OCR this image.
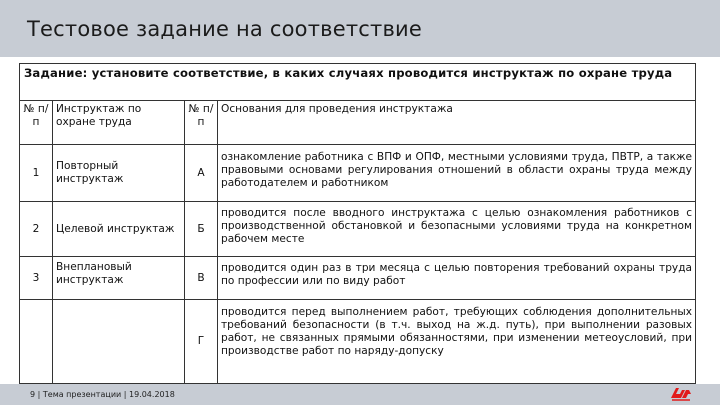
Тестовое задание на соответствие
Задание: установите соответствие, в каких случаях проводится инструктаж по охране труда			
№ п/п	Инструктаж по охране труда	№ п/п	Основания для проведения инструктажа
1	Повторный инструктаж	А	ознакомление работника с ВПФ и ОПФ, местными условиями труда, ПВТР, а также правовыми основами регулирования отношений в области охраны труда между работодателем и работником
2	Целевой инструктаж	Б	проводится после вводного инструктажа с целью ознакомления работников с производственной обстановкой и безопасными условиями труда на конкретном рабочем месте
3	Внеплановый инструктаж	В	проводится один раз в три месяца с целью повторения требований охраны труда по профессии или по виду работ
		Г	проводится перед выполнением работ, требующих соблюдения дополнительных требований безопасности (в т.ч. выход на ж.д. путь), при выполнении разовых работ, не связанных прямыми обязанностями, при изменении метеоусловий, при производстве работ по наряду-допуску
9 | Тема презентации | 19.04.2018
